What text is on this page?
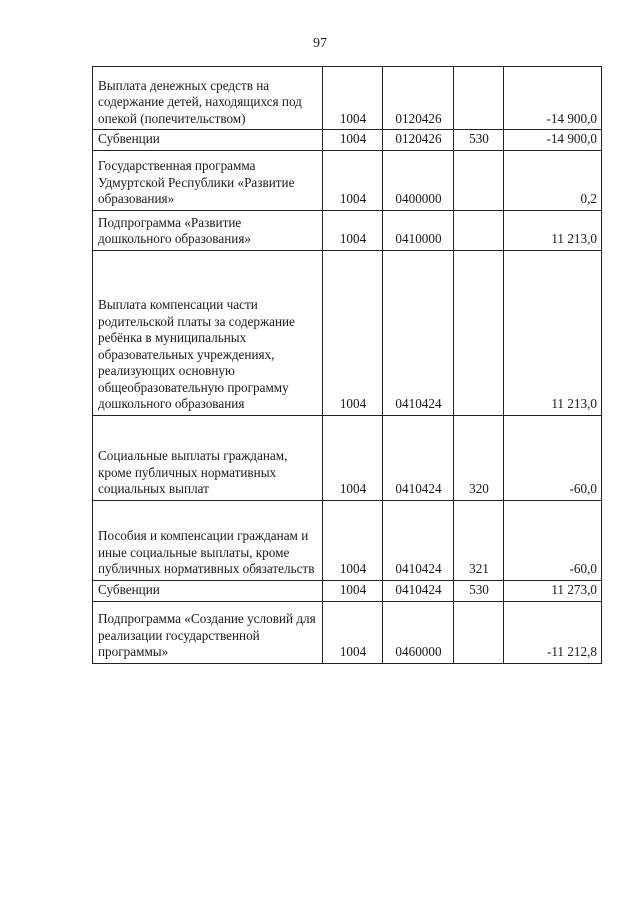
97
Выплата денежных средств на содержание детей, находящихся под опекой (попечительством)	1004	0120426		-14 900,0
Субвенции	1004	0120426	530	-14 900,0
Государственная программа Удмуртской Республики «Развитие образования»	1004	0400000		0,2
Подпрограмма «Развитие дошкольного образования»	1004	0410000		11 213,0
Выплата компенсации части родительской платы за содержание ребёнка в муниципальных образовательных учреждениях, реализующих основную общеобразовательную программу дошкольного образования	1004	0410424		11 213,0
Социальные выплаты гражданам, кроме публичных нормативных социальных выплат	1004	0410424	320	-60,0
Пособия и компенсации гражданам и иные социальные выплаты, кроме публичных нормативных обязательств	1004	0410424	321	-60,0
Субвенции	1004	0410424	530	11 273,0
Подпрограмма «Создание условий для реализации государственной программы»	1004	0460000		-11 212,8
